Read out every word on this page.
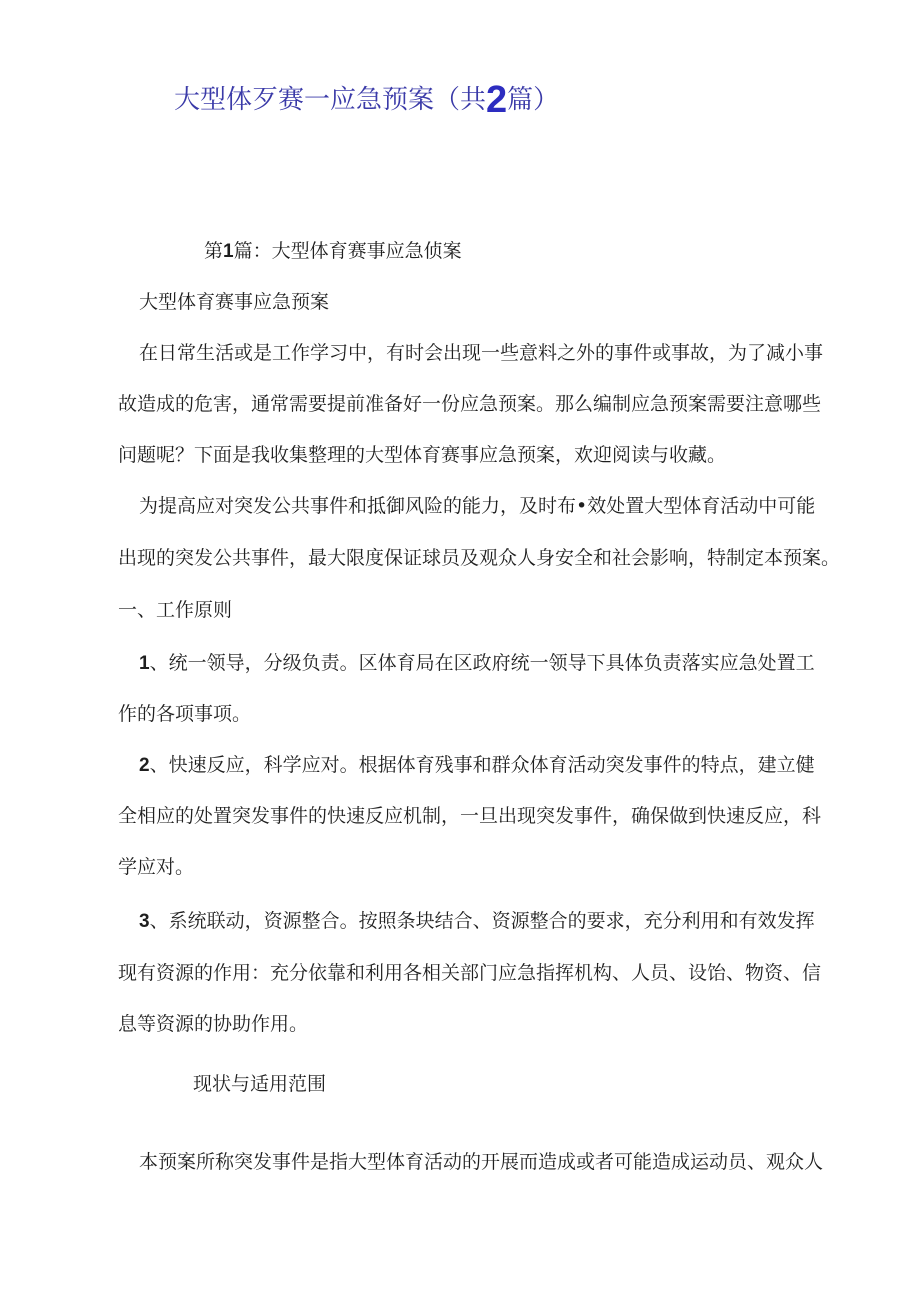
大型体歹赛一应急预案（共2篇）
第1篇：大型体育赛事应急侦案
大型体育赛事应急预案
在日常生活或是工作学习中，有时会出现一些意料之外的事件或事故，为了减小事
故造成的危害，通常需要提前准备好一份应急预案。那么编制应急预案需要注意哪些
问题呢？下面是我收集整理的大型体育赛事应急预案，欢迎阅读与收藏。
为提高应对突发公共事件和抵御风险的能力，及时布•效处置大型体育活动中可能
出现的突发公共事件，最大限度保证球员及观众人身安全和社会影响，特制定本预案。
一、工作原则
1、统一领导，分级负责。区体育局在区政府统一领导下具体负责落实应急处置工
作的各项事项。
2、快速反应，科学应对。根据体育残事和群众体育活动突发事件的特点，建立健
全相应的处置突发事件的快速反应机制，一旦出现突发事件，确保做到快速反应，科
学应对。
3、系统联动，资源整合。按照条块结合、资源整合的要求，充分利用和有效发挥
现有资源的作用：充分依靠和利用各相关部门应急指挥机构、人员、设饴、物资、信
息等资源的协助作用。
现状与适用范围
本预案所称突发事件是指大型体育活动的开展而造成或者可能造成运动员、观众人
